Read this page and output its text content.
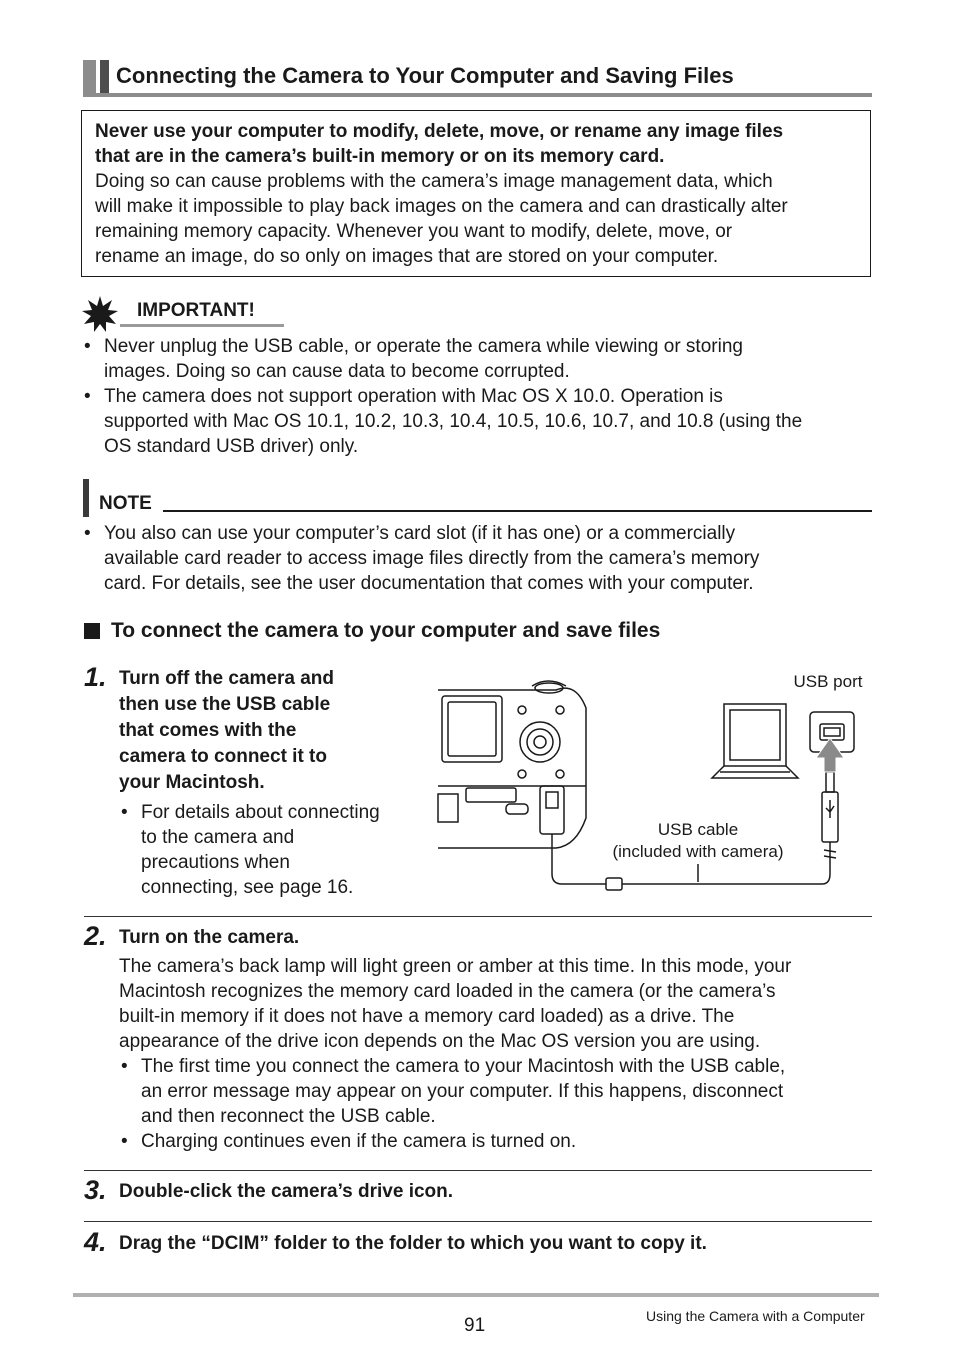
Connecting the Camera to Your Computer and Saving Files
Never use your computer to modify, delete, move, or rename any image files
that are in the camera’s built-in memory or on its memory card.
Doing so can cause problems with the camera’s image management data, which
will make it impossible to play back images on the camera and can drastically alter
remaining memory capacity. Whenever you want to modify, delete, move, or
rename an image, do so only on images that are stored on your computer.
IMPORTANT!
• Never unplug the USB cable, or operate the camera while viewing or storing
images. Doing so can cause data to become corrupted.
• The camera does not support operation with Mac OS X 10.0. Operation is
supported with Mac OS 10.1, 10.2, 10.3, 10.4, 10.5, 10.6, 10.7, and 10.8 (using the
OS standard USB driver) only.
NOTE
• You also can use your computer’s card slot (if it has one) or a commercially
available card reader to access image files directly from the camera’s memory
card. For details, see the user documentation that comes with your computer.
To connect the camera to your computer and save files
1. Turn off the camera and
then use the USB cable
that comes with the
camera to connect it to
your Macintosh.
• For details about connecting
to the camera and
precautions when
connecting, see page 16.
USB port
USB cable
(included with camera)
2. Turn on the camera.
The camera’s back lamp will light green or amber at this time. In this mode, your
Macintosh recognizes the memory card loaded in the camera (or the camera’s
built-in memory if it does not have a memory card loaded) as a drive. The
appearance of the drive icon depends on the Mac OS version you are using.
• The first time you connect the camera to your Macintosh with the USB cable,
an error message may appear on your computer. If this happens, disconnect
and then reconnect the USB cable.
• Charging continues even if the camera is turned on.
3. Double-click the camera’s drive icon.
4. Drag the “DCIM” folder to the folder to which you want to copy it.
91	Using the Camera with a Computer
